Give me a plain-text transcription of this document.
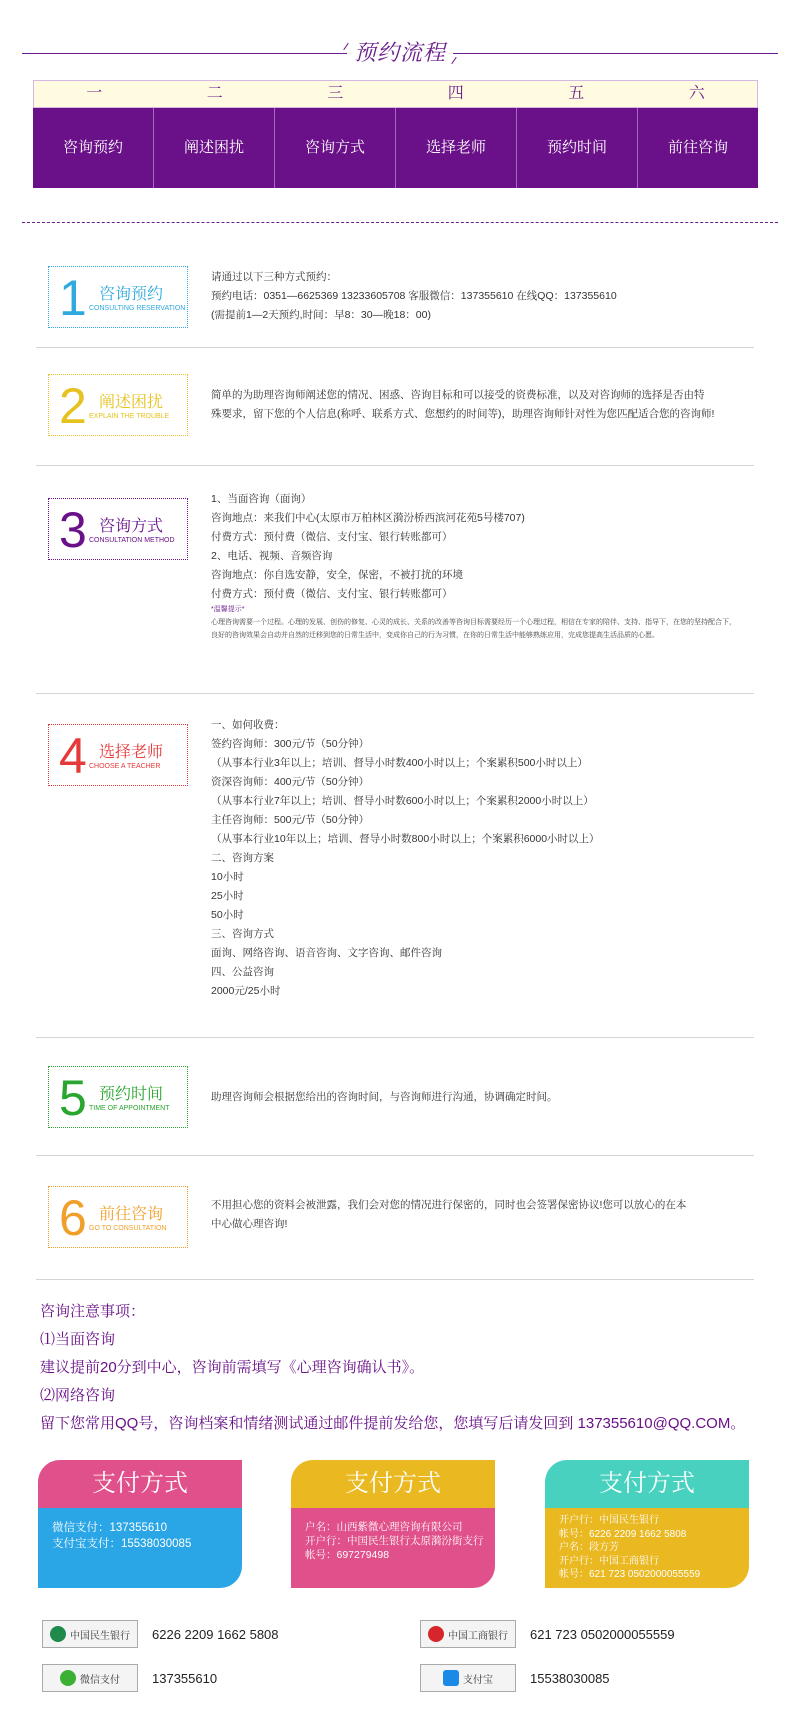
预约流程
一	二	三	四	五	六
咨询预约	阐述困扰	咨询方式	选择老师	预约时间	前往咨询
1 咨询预约
CONSULTING RESERVATION

请通过以下三种方式预约：

预约电话：0351—6625369 13233605708 客服微信：137355610 在线QQ：137355610

(需提前1—2天预约,时间：早8：30—晚18：00)

2 阐述困扰
EXPLAIN THE TROUBLE

简单的为助理咨询师阐述您的情况、困惑、咨询目标和可以接受的资费标准，以及对咨询师的选择是否由特

殊要求，留下您的个人信息(称呼、联系方式、您想约的时间等)，助理咨询师针对性为您匹配适合您的咨询师!

3 咨询方式
CONSULTATION METHOD

1、当面咨询（面询）

咨询地点：来我们中心(太原市万柏林区漪汾桥西滨河花苑5号楼707)

付费方式：预付费（微信、支付宝、银行转账都可）

2、电话、视频、音频咨询

咨询地点：你自选安静，安全，保密，不被打扰的环境

付费方式：预付费（微信、支付宝、银行转账都可）

*温馨提示*

心理咨询需要一个过程。心理的发展、创伤的修复、心灵的成长、关系的改善等咨询目标需要经历一个心理过程，相信在专家的陪伴、支持、指导下，在您的坚持配合下，良好的咨询效果会自动并自然的迁移到您的日常生活中，变成你自己的行为习惯，在你的日常生活中能够熟练应用，完成您提高生活品质的心愿。

4 选择老师
CHOOSE A TEACHER

一、如何收费：

签约咨询师：300元/节（50分钟）

（从事本行业3年以上；培训、督导小时数400小时以上；个案累积500小时以上）

资深咨询师：400元/节（50分钟）

（从事本行业7年以上；培训、督导小时数600小时以上；个案累积2000小时以上）

主任咨询师：500元/节（50分钟）

（从事本行业10年以上；培训、督导小时数800小时以上；个案累积6000小时以上）

二、咨询方案

10小时

25小时

50小时

三、咨询方式

面询、网络咨询、语音咨询、文字咨询、邮件咨询

四、公益咨询

2000元/25小时

5 预约时间
TIME OF APPOINTMENT

助理咨询师会根据您给出的咨询时间，与咨询师进行沟通，协调确定时间。

6 前往咨询
GO TO CONSULTATION

不用担心您的资料会被泄露，我们会对您的情况进行保密的，同时也会签署保密协议!您可以放心的在本

中心做心理咨询!

咨询注意事项：

⑴当面咨询

建议提前20分到中心，咨询前需填写《心理咨询确认书》。

⑵网络咨询

留下您常用QQ号，咨询档案和情绪测试通过邮件提前发给您，您填写后请发回到 137355610@QQ.COM。

支付方式

微信支付：137355610

支付宝支付：15538030085

支付方式

户名：山西紫微心理咨询有限公司

开户行：中国民生银行太原漪汾街支行

帐号：697279498

支付方式

开户行：中国民生银行

帐号：6226 2209 1662 5808

户名：段方芳

开户行：中国工商银行

帐号：621 723 0502000055559

中国民生银行 6226 2209 1662 5808	中国工商银行 621 723 0502000055559
微信支付 137355610	支付宝	15538030085
